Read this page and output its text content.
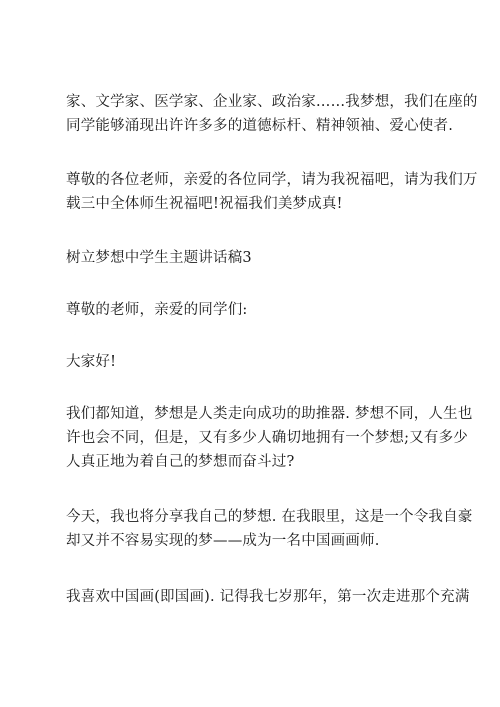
家、文学家、医学家、企业家、政治家……我梦想，我们在座的
同学能够涌现出许许多多的道德标杆、精神领袖、爱心使者.
尊敬的各位老师，亲爱的各位同学，请为我祝福吧，请为我们万
载三中全体师生祝福吧!祝福我们美梦成真!
树立梦想中学生主题讲话稿3
尊敬的老师，亲爱的同学们:
大家好!
我们都知道，梦想是人类走向成功的助推器. 梦想不同，人生也
许也会不同，但是，又有多少人确切地拥有一个梦想;又有多少
人真正地为着自己的梦想而奋斗过?
今天，我也将分享我自己的梦想. 在我眼里，这是一个令我自豪
却又并不容易实现的梦——成为一名中国画画师.
我喜欢中国画(即国画). 记得我七岁那年，第一次走进那个充满
